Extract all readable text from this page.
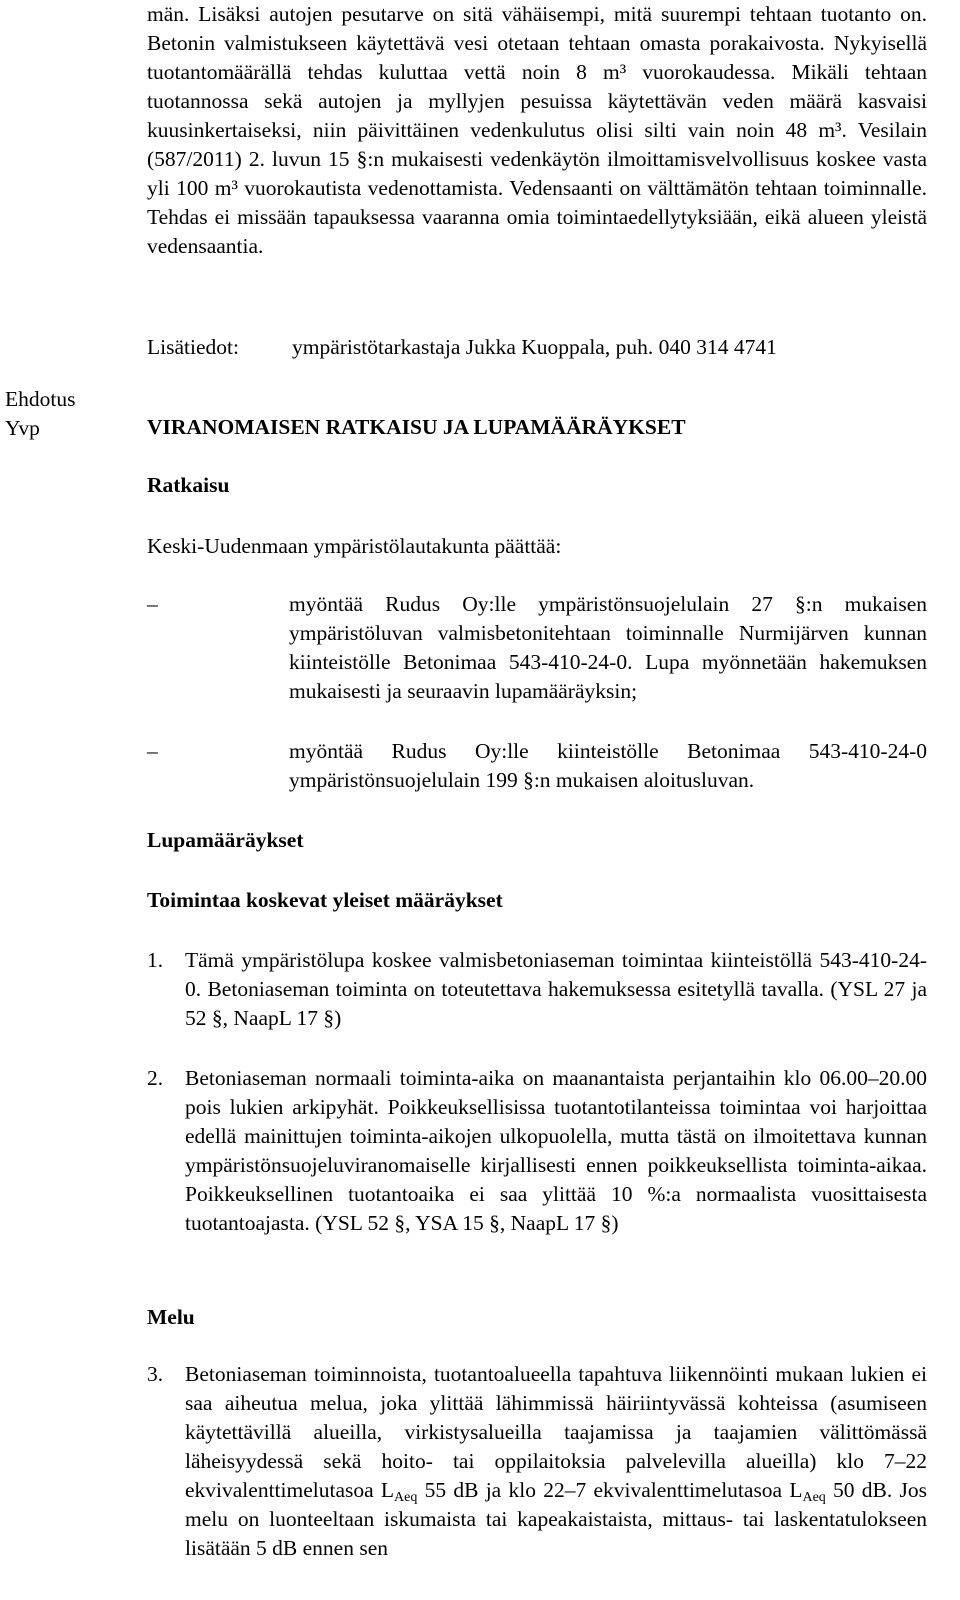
män. Lisäksi autojen pesutarve on sitä vähäisempi, mitä suurempi tehtaan tuotanto on. Betonin valmistukseen käytettävä vesi otetaan tehtaan omasta porakaivosta. Nykyisellä tuotantomäärällä tehdas kuluttaa vettä noin 8 m³ vuorokaudessa. Mikäli tehtaan tuotannossa sekä autojen ja myllyjen pesuissa käytettävän veden määrä kasvaisi kuusinkertaiseksi, niin päivittäinen vedenkulutus olisi silti vain noin 48 m³. Vesilain (587/2011) 2. luvun 15 §:n mukaisesti vedenkäytön ilmoittamisvelvollisuus koskee vasta yli 100 m³ vuorokautista vedenottamista. Vedensaanti on välttämätön tehtaan toiminnalle. Tehdas ei missään tapauksessa vaaranna omia toimintaedellytyksiään, eikä alueen yleistä vedensaantia.

Lisätiedot: ympäristötarkastaja Jukka Kuoppala, puh. 040 314 4741
Ehdotus
Yvp	VIRANOMAISEN RATKAISU JA LUPAMÄÄRÄYKSET
Ratkaisu
Keski-Uudenmaan ympäristölautakunta päättää:
–	myöntää Rudus Oy:lle ympäristönsuojelulain 27 §:n mukaisen ympäristöluvan valmisbetonitehtaan toiminnalle Nurmijärven kunnan kiinteistölle Betonimaa 543-410-24-0. Lupa myönnetään hakemuksen mukaisesti ja seuraavin lupamääräyksin;
–	myöntää Rudus Oy:lle kiinteistölle Betonimaa 543-410-24-0 ympäristönsuojelulain 199 §:n mukaisen aloitusluvan.
Lupamääräykset
Toimintaa koskevat yleiset määräykset
1. Tämä ympäristölupa koskee valmisbetoniaseman toimintaa kiinteistöllä 543-410-24-0. Betoniaseman toiminta on toteutettava hakemuksessa esitetyllä tavalla. (YSL 27 ja 52 §, NaapL 17 §)
2. Betoniaseman normaali toiminta-aika on maanantaista perjantaihin klo 06.00–20.00 pois lukien arkipyhät. Poikkeuksellisissa tuotantotilanteissa toimintaa voi harjoittaa edellä mainittujen toiminta-aikojen ulkopuolella, mutta tästä on ilmoitettava kunnan ympäristönsuojeluviranomaiselle kirjallisesti ennen poikkeuksellista toiminta-aikaa. Poikkeuksellinen tuotantoaika ei saa ylittää 10 %:a normaalista vuosittaisesta tuotantoajasta. (YSL 52 §, YSA 15 §, NaapL 17 §)
Melu
3. Betoniaseman toiminnoista, tuotantoalueella tapahtuva liikennöinti mukaan lukien ei saa aiheutua melua, joka ylittää lähimmissä häiriintyvässä kohteissa (asumiseen käytettävillä alueilla, virkistysalueilla taajamissa ja taajamien välittömässä läheisyydessä sekä hoito- tai oppilaitoksia palvelevilla alueilla) klo 7–22 ekvivalenttimelutasoa $L_{Aeq}$ 55 dB ja klo 22–7 ekvivalenttimelutasoa $L_{Aeq}$ 50 dB. Jos melu on luonteeltaan iskumaista tai kapeakaistaista, mittaus- tai laskentatulokseen lisätään 5 dB ennen sen
